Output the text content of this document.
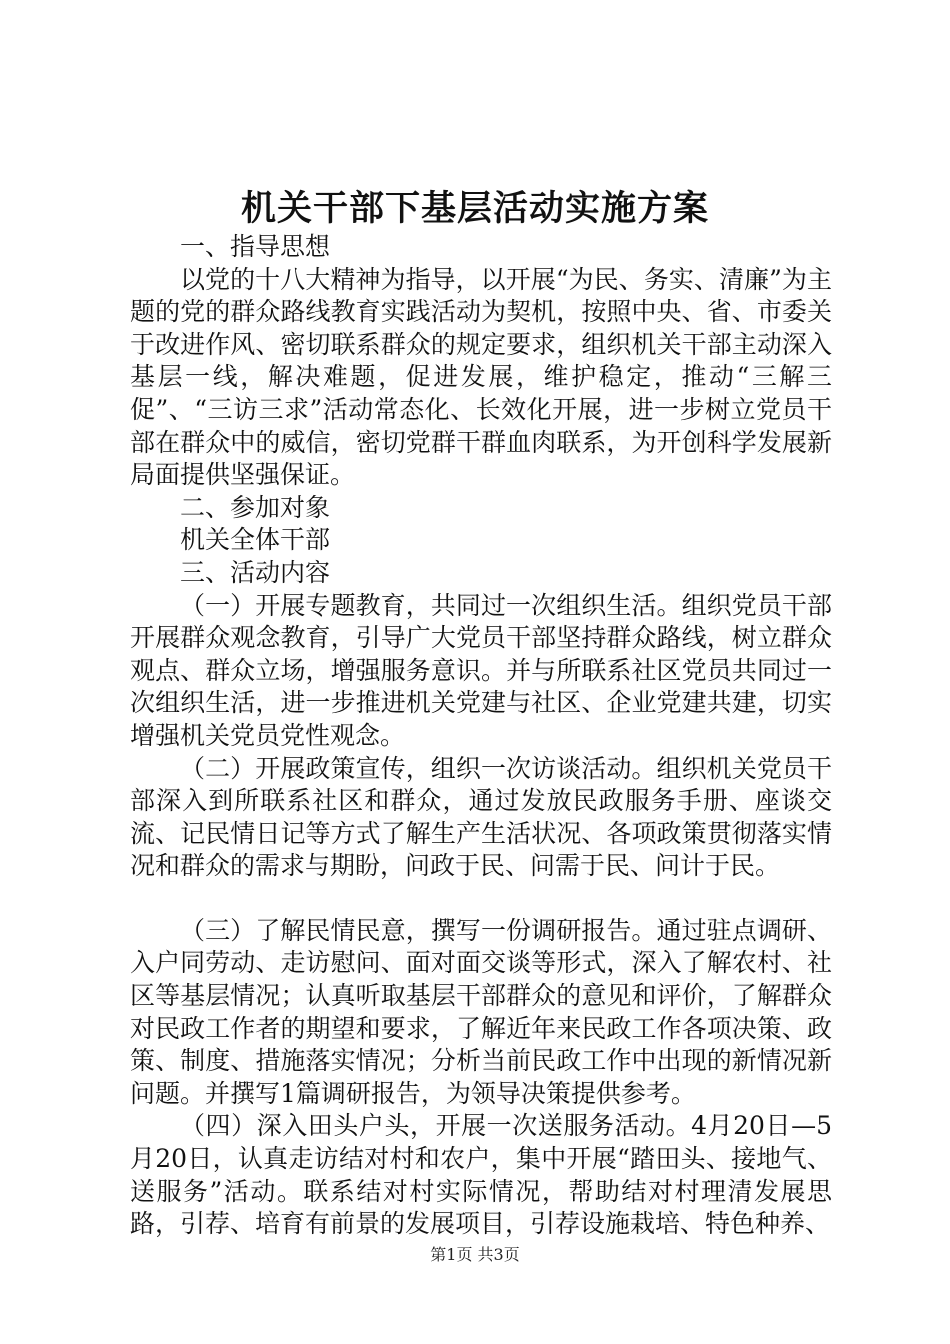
机关干部下基层活动实施方案

一、指导思想

以党的十八大精神为指导，以开展“为民、务实、清廉”为主题的党的群众路线教育实践活动为契机，按照中央、省、市委关于改进作风、密切联系群众的规定要求，组织机关干部主动深入基层一线，解决难题，促进发展，维护稳定，推动“三解三促”、“三访三求”活动常态化、长效化开展，进一步树立党员干部在群众中的威信，密切党群干群血肉联系，为开创科学发展新局面提供坚强保证。

二、参加对象

机关全体干部

三、活动内容

（一）开展专题教育，共同过一次组织生活。组织党员干部开展群众观念教育，引导广大党员干部坚持群众路线，树立群众观点、群众立场，增强服务意识。并与所联系社区党员共同过一次组织生活，进一步推进机关党建与社区、企业党建共建，切实增强机关党员党性观念。

（二）开展政策宣传，组织一次访谈活动。组织机关党员干部深入到所联系社区和群众，通过发放民政服务手册、座谈交流、记民情日记等方式了解生产生活状况、各项政策贯彻落实情况和群众的需求与期盼，问政于民、问需于民、问计于民。

（三）了解民情民意，撰写一份调研报告。通过驻点调研、入户同劳动、走访慰问、面对面交谈等形式，深入了解农村、社区等基层情况；认真听取基层干部群众的意见和评价，了解群众对民政工作者的期望和要求，了解近年来民政工作各项决策、政策、制度、措施落实情况；分析当前民政工作中出现的新情况新问题。并撰写1篇调研报告，为领导决策提供参考。

（四）深入田头户头，开展一次送服务活动。4月20日—5月20日，认真走访结对村和农户，集中开展“踏田头、接地气、送服务”活动。联系结对村实际情况，帮助结对村理清发展思路，引荐、培育有前景的发展项目，引荐设施栽培、特色种养、

第1页 共3页
